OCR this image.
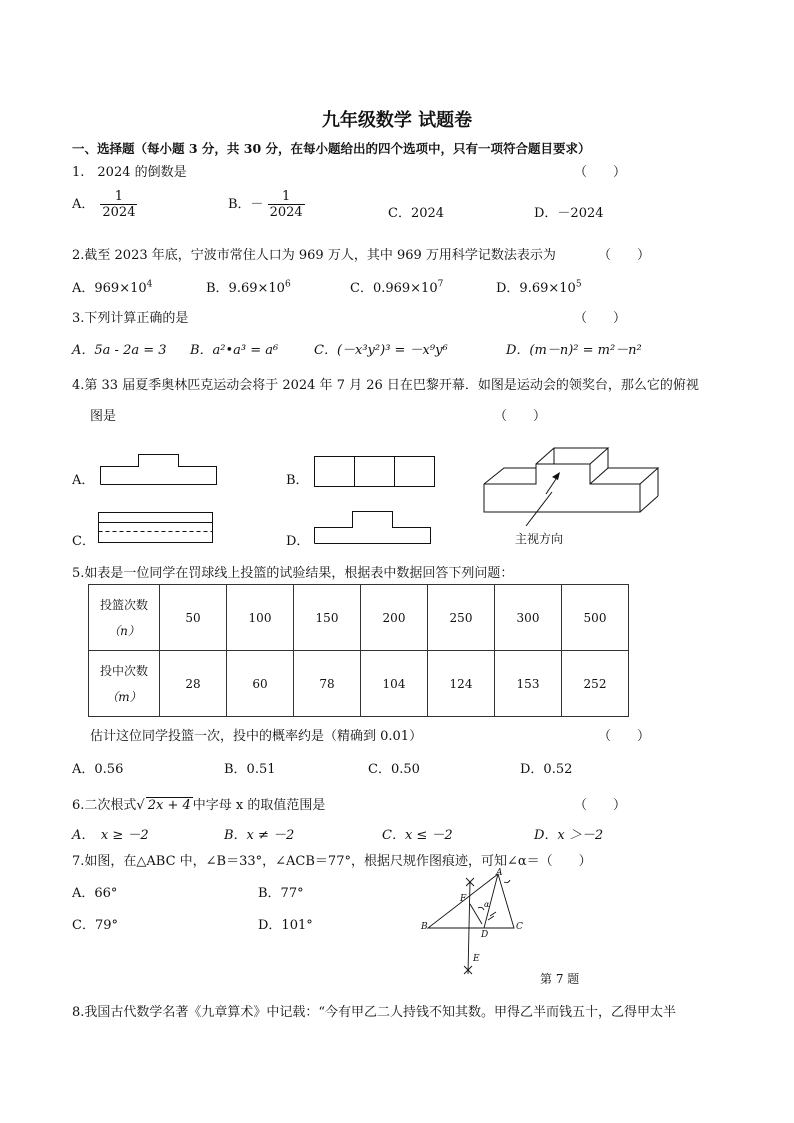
九年级数学 试题卷
一、选择题（每小题 3 分，共 30 分，在每小题给出的四个选项中，只有一项符合题目要求）
1.　2024 的倒数是	（　　）
A． $\frac{1}{2024}$	B．－ $\frac{1}{2024}$	C．2024	D．－2024
2.截至 2023 年底，宁波市常住人口为 969 万人，其中 969 万用科学记数法表示为	（　　）
A．$969\times 10^4$	B．$9.69\times 10^6$	C．$0.969\times 10^7$	D．$9.69\times 10^5$
3.下列计算正确的是	（　　）
A．5a - 2a = 3 B．a²•a³ = a⁶	C．(－x³y²)³ = －x⁹y⁶	D．(m－n)² = m²－n²
4.第 33 届夏季奥林匹克运动会将于 2024 年 7 月 26 日在巴黎开幕．如图是运动会的领奖台，那么它的俯视
图是	（　　）
A．	B．
C．	D．	主视方向
5.如表是一位同学在罚球线上投篮的试验结果，根据表中数据回答下列问题：
投篮次数
（n）	50	100	150	200	250	300	500
投中次数
（m）	28	60	78	104	124	153	252
估计这位同学投篮一次，投中的概率约是（精确到 0.01）	（　　）
A．0.56	B．0.51	C．0.50	D．0.52
6.二次根式√ 2x + 4 中字母 x 的取值范围是	（　　）
A．　x ≥ －2	B．x ≠ －2	C．x ≤ －2	D．x ＞－2
7.如图，在△ABC 中，∠B＝33°，∠ACB＝77°，根据尺规作图痕迹，可知∠α＝（　　）
A．66°	B．77°
C．79°	D．101°
A
B	C
D
E
F
α
第 7 题
8.我国古代数学名著《九章算术》中记载：“今有甲乙二人持钱不知其数。甲得乙半而钱五十，乙得甲太半
